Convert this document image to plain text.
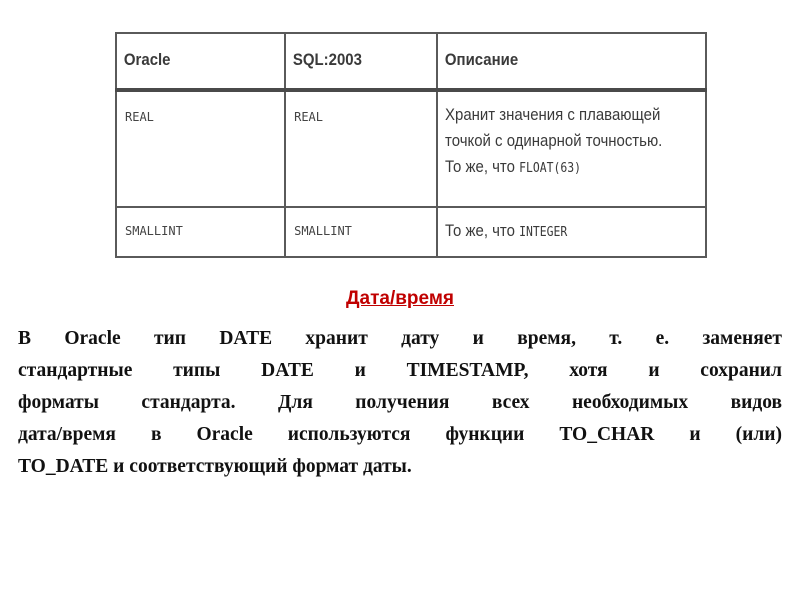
Oracle	SQL:2003	Описание

REAL	REAL	Хранит значения с плавающей
точкой с одинарной точностью.
То же, что FLOAT(63)

SMALLINT	SMALLINT	То же, что INTEGER
Дата/время

В Oracle тип DATE хранит дату и время, т. е. заменяет
стандартные типы DATE и TIMESTAMP, хотя и сохранил
форматы стандарта. Для получения всех необходимых видов
дата/время в Oracle используются функции TO_CHAR и (или)
TO_DATE и соответствующий формат даты.
